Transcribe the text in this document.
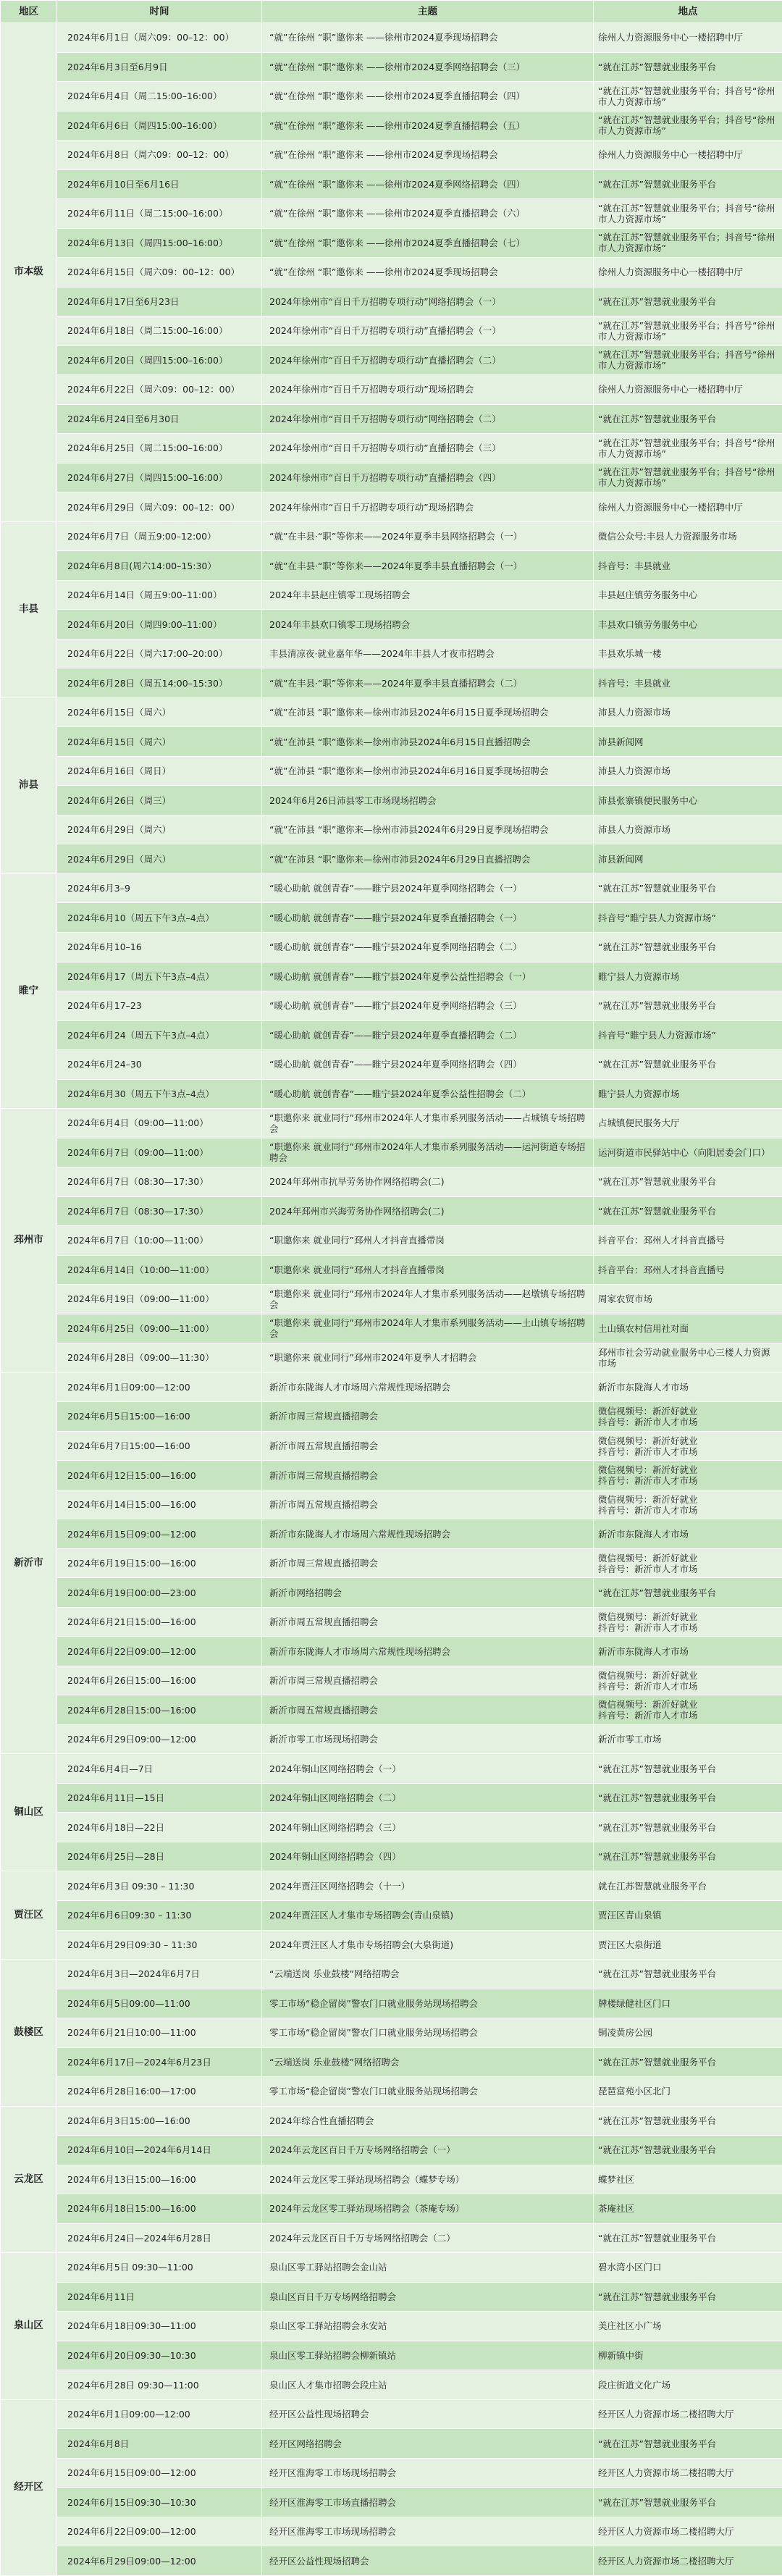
地区	时间	主题	地点
市本级	2024年6月1日（周六09：00–12：00）	“就”在徐州 “职”邀你来 ——徐州市2024夏季现场招聘会	徐州人力资源服务中心一楼招聘中厅
	2024年6月3日至6月9日	“就”在徐州 “职”邀你来 ——徐州市2024夏季网络招聘会（三）	“就在江苏”智慧就业服务平台
	2024年6月4日（周二15:00–16:00）	“就”在徐州 “职”邀你来 ——徐州市2024夏季直播招聘会（四）	“就在江苏”智慧就业服务平台；抖音号“徐州市人力资源市场”
	2024年6月6日（周四15:00–16:00）	“就”在徐州 “职”邀你来 ——徐州市2024夏季直播招聘会（五）	“就在江苏”智慧就业服务平台；抖音号“徐州市人力资源市场”
	2024年6月8日（周六09：00–12：00）	“就”在徐州 “职”邀你来 ——徐州市2024夏季现场招聘会	徐州人力资源服务中心一楼招聘中厅
	2024年6月10日至6月16日	“就”在徐州 “职”邀你来 ——徐州市2024夏季网络招聘会（四）	“就在江苏”智慧就业服务平台
	2024年6月11日（周二15:00–16:00）	“就”在徐州 “职”邀你来 ——徐州市2024夏季直播招聘会（六）	“就在江苏”智慧就业服务平台；抖音号“徐州市人力资源市场”
	2024年6月13日（周四15:00–16:00）	“就”在徐州 “职”邀你来 ——徐州市2024夏季直播招聘会（七）	“就在江苏”智慧就业服务平台；抖音号“徐州市人力资源市场”
	2024年6月15日（周六09：00–12：00）	“就”在徐州 “职”邀你来 ——徐州市2024夏季现场招聘会	徐州人力资源服务中心一楼招聘中厅
	2024年6月17日至6月23日	2024年徐州市“百日千万招聘专项行动”网络招聘会（一）	“就在江苏”智慧就业服务平台
	2024年6月18日（周二15:00–16:00）	2024年徐州市“百日千万招聘专项行动”直播招聘会（一）	“就在江苏”智慧就业服务平台；抖音号“徐州市人力资源市场”
	2024年6月20日（周四15:00–16:00）	2024年徐州市“百日千万招聘专项行动”直播招聘会（二）	“就在江苏”智慧就业服务平台；抖音号“徐州市人力资源市场”
	2024年6月22日（周六09：00–12：00）	2024年徐州市“百日千万招聘专项行动”现场招聘会	徐州人力资源服务中心一楼招聘中厅
	2024年6月24日至6月30日	2024年徐州市“百日千万招聘专项行动”网络招聘会（二）	“就在江苏”智慧就业服务平台
	2024年6月25日（周二15:00–16:00）	2024年徐州市“百日千万招聘专项行动”直播招聘会（三）	“就在江苏”智慧就业服务平台；抖音号“徐州市人力资源市场”
	2024年6月27日（周四15:00–16:00）	2024年徐州市“百日千万招聘专项行动”直播招聘会（四）	“就在江苏”智慧就业服务平台；抖音号“徐州市人力资源市场”
	2024年6月29日（周六09：00–12：00）	2024年徐州市“百日千万招聘专项行动”现场招聘会	徐州人力资源服务中心一楼招聘中厅
丰县	2024年6月7日（周五9:00–12:00）	“就”在丰县·“职”等你来——2024年夏季丰县网络招聘会（一）	微信公众号:丰县人力资源服务市场
	2024年6月8日(周六14:00–15:30）	“就”在丰县·“职”等你来——2024年夏季丰县直播招聘会（一）	抖音号：丰县就业
	2024年6月14日（周五9:00–11:00）	2024年丰县赵庄镇零工现场招聘会	丰县赵庄镇劳务服务中心
	2024年6月20日（周四9:00–11:00）	2024年丰县欢口镇零工现场招聘会	丰县欢口镇劳务服务中心
	2024年6月22日（周六17:00–20:00）	丰县清凉夜·就业嘉年华——2024年丰县人才夜市招聘会	丰县欢乐城一楼
	2024年6月28日（周五14:00–15:30）	“就”在丰县·“职”等你来——2024年夏季丰县直播招聘会（二）	抖音号：丰县就业
沛县	2024年6月15日（周六）	“就”在沛县 “职”邀你来—徐州市沛县2024年6月15日夏季现场招聘会	沛县人力资源市场
	2024年6月15日（周六）	“就”在沛县 “职”邀你来—徐州市沛县2024年6月15日直播招聘会	沛县新闻网
	2024年6月16日（周日）	“就”在沛县 “职”邀你来—徐州市沛县2024年6月16日夏季现场招聘会	沛县人力资源市场
	2024年6月26日（周三）	2024年6月26日沛县零工市场现场招聘会	沛县张寨镇便民服务中心
	2024年6月29日（周六）	“就”在沛县 “职”邀你来—徐州市沛县2024年6月29日夏季现场招聘会	沛县人力资源市场
	2024年6月29日（周六）	“就”在沛县 “职”邀你来—徐州市沛县2024年6月29日直播招聘会	沛县新闻网
睢宁	2024年6月3–9	“暖心助航 就创青春”——睢宁县2024年夏季网络招聘会（一）	“就在江苏”智慧就业服务平台
	2024年6月10（周五下午3点–4点）	“暖心助航 就创青春”——睢宁县2024年夏季直播招聘会（一）	抖音号“睢宁县人力资源市场”
	2024年6月10–16	“暖心助航 就创青春”——睢宁县2024年夏季网络招聘会（二）	“就在江苏”智慧就业服务平台
	2024年6月17（周五下午3点–4点）	“暖心助航 就创青春”——睢宁县2024年夏季公益性招聘会（一）	睢宁县人力资源市场
	2024年6月17–23	“暖心助航 就创青春”——睢宁县2024年夏季网络招聘会（三）	“就在江苏”智慧就业服务平台
	2024年6月24（周五下午3点–4点）	“暖心助航 就创青春”——睢宁县2024年夏季直播招聘会（二）	抖音号“睢宁县人力资源市场”
	2024年6月24–30	“暖心助航 就创青春”——睢宁县2024年夏季网络招聘会（四）	“就在江苏”智慧就业服务平台
	2024年6月30（周五下午3点–4点）	“暖心助航 就创青春”——睢宁县2024年夏季公益性招聘会（二）	睢宁县人力资源市场
邳州市	2024年6月4日（09:00—11:00）	“职邀你来 就业同行”邳州市2024年人才集市系列服务活动——占城镇专场招聘会	占城镇便民服务大厅
	2024年6月7日（09:00—11:00）	“职邀你来 就业同行”邳州市2024年人才集市系列服务活动——运河街道专场招聘会	运河街道市民驿站中心（向阳居委会门口）
	2024年6月7日（08:30—17:30）	2024年邳州市抗旱劳务协作网络招聘会(二)	“就在江苏”智慧就业服务平台
	2024年6月7日（08:30—17:30）	2024年邳州市兴海劳务协作网络招聘会(二)	“就在江苏”智慧就业服务平台
	2024年6月7日（10:00—11:00）	“职邀你来 就业同行”邳州人才抖音直播带岗	抖音平台：邳州人才抖音直播号
	2024年6月14日（10:00—11:00）	“职邀你来 就业同行”邳州人才抖音直播带岗	抖音平台：邳州人才抖音直播号
	2024年6月19日（09:00—11:00）	“职邀你来 就业同行”邳州市2024年人才集市系列服务活动——赵墩镇专场招聘会	周家农贸市场
	2024年6月25日（09:00—11:00）	“职邀你来 就业同行”邳州市2024年人才集市系列服务活动——土山镇专场招聘会	土山镇农村信用社对面
	2024年6月28日（09:00—11:30）	“职邀你来 就业同行”邳州市2024年夏季人才招聘会	邳州市社会劳动就业服务中心三楼人力资源市场
新沂市	2024年6月1日09:00—12:00	新沂市东陇海人才市场周六常规性现场招聘会	新沂市东陇海人才市场
	2024年6月5日15:00—16:00	新沂市周三常规直播招聘会	微信视频号：新沂好就业
抖音号：新沂市人才市场

	2024年6月7日15:00—16:00	新沂市周五常规直播招聘会	微信视频号：新沂好就业
抖音号：新沂市人才市场

	2024年6月12日15:00—16:00	新沂市周三常规直播招聘会	微信视频号：新沂好就业
抖音号：新沂市人才市场

	2024年6月14日15:00—16:00	新沂市周五常规直播招聘会	微信视频号：新沂好就业
抖音号：新沂市人才市场

	2024年6月15日09:00—12:00	新沂市东陇海人才市场周六常规性现场招聘会	新沂市东陇海人才市场
	2024年6月19日15:00—16:00	新沂市周三常规直播招聘会	微信视频号：新沂好就业
抖音号：新沂市人才市场

	2024年6月19日00:00—23:00	新沂市网络招聘会	“就在江苏”智慧就业服务平台
	2024年6月21日15:00—16:00	新沂市周五常规直播招聘会	微信视频号：新沂好就业
抖音号：新沂市人才市场

	2024年6月22日09:00—12:00	新沂市东陇海人才市场周六常规性现场招聘会	新沂市东陇海人才市场
	2024年6月26日15:00—16:00	新沂市周三常规直播招聘会	微信视频号：新沂好就业
抖音号：新沂市人才市场

	2024年6月28日15:00—16:00	新沂市周五常规直播招聘会	微信视频号：新沂好就业
抖音号：新沂市人才市场

	2024年6月29日09:00—12:00	新沂市零工市场现场招聘会	新沂市零工市场
铜山区	2024年6月4日—7日	2024年铜山区网络招聘会（一）	“就在江苏”智慧就业服务平台
	2024年6月11日—15日	2024年铜山区网络招聘会（二）	“就在江苏”智慧就业服务平台
	2024年6月18日—22日	2024年铜山区网络招聘会（三）	“就在江苏”智慧就业服务平台
	2024年6月25日—28日	2024年铜山区网络招聘会（四）	“就在江苏”智慧就业服务平台
贾汪区	2024年6月3日 09:30 – 11:30	2024年贾汪区网络招聘会（十一）	就在江苏智慧就业服务平台
	2024年6月6日09:30 – 11:30	2024年贾汪区人才集市专场招聘会(青山泉镇)	贾汪区青山泉镇
	2024年6月29日09:30 – 11:30	2024年贾汪区人才集市专场招聘会(大泉街道)	贾汪区大泉街道
鼓楼区	2024年6月3日—2024年6月7日	“云端送岗 乐业鼓楼”网络招聘会	“就在江苏”智慧就业服务平台
	2024年6月5日09:00—11:00	零工市场“稳企留岗”警农门口就业服务站现场招聘会	牌楼绿健社区门口
	2024年6月21日10:00—11:00	零工市场“稳企留岗”警农门口就业服务站现场招聘会	铜凌黄房公园
	2024年6月17日—2024年6月23日	“云端送岗 乐业鼓楼”网络招聘会	“就在江苏”智慧就业服务平台
	2024年6月28日16:00—17:00	零工市场“稳企留岗”警农门口就业服务站现场招聘会	琵琶富苑小区北门
云龙区	2024年6月3日15:00—16:00	2024年综合性直播招聘会	“就在江苏”智慧就业服务平台
	2024年6月10日—2024年6月14日	2024年云龙区百日千万专场网络招聘会（一）	“就在江苏”智慧就业服务平台
	2024年6月13日15:00—16:00	2024年云龙区零工驿站现场招聘会（蝶梦专场）	蝶梦社区
	2024年6月18日15:00—16:00	2024年云龙区零工驿站现场招聘会（茶庵专场）	茶庵社区
	2024年6月24日—2024年6月28日	2024年云龙区百日千万专场网络招聘会（二）	“就在江苏”智慧就业服务平台
泉山区	2024年6月5日 09:30—11:00	泉山区零工驿站招聘会金山站	碧水湾小区门口
	2024年6月11日	泉山区百日千万专场网络招聘会	“就在江苏”智慧就业服务平台
	2024年6月18日09:30—11:00	泉山区零工驿站招聘会永安站	美庄社区小广场
	2024年6月20日09:30—10:30	泉山区零工驿站招聘会柳新镇站	柳新镇中街
	2024年6月28日 09:30—11:00	泉山区人才集市招聘会段庄站	段庄街道文化广场
经开区	2024年6月1日09:00—12:00	经开区公益性现场招聘会	经开区人力资源市场二楼招聘大厅
	2024年6月8日	经开区网络招聘会	“就在江苏”智慧就业服务平台
	2024年6月15日09:00—12:00	经开区淮海零工市场现场招聘会	经开区人力资源市场二楼招聘大厅
	2024年6月15日09:30—10:30	经开区淮海零工市场直播招聘会	“就在江苏”智慧就业服务平台
	2024年6月22日09:00—12:00	经开区淮海零工市场现场招聘会	经开区人力资源市场二楼招聘大厅
	2024年6月29日09:00—12:00	经开区公益性现场招聘会	经开区人力资源市场二楼招聘大厅
